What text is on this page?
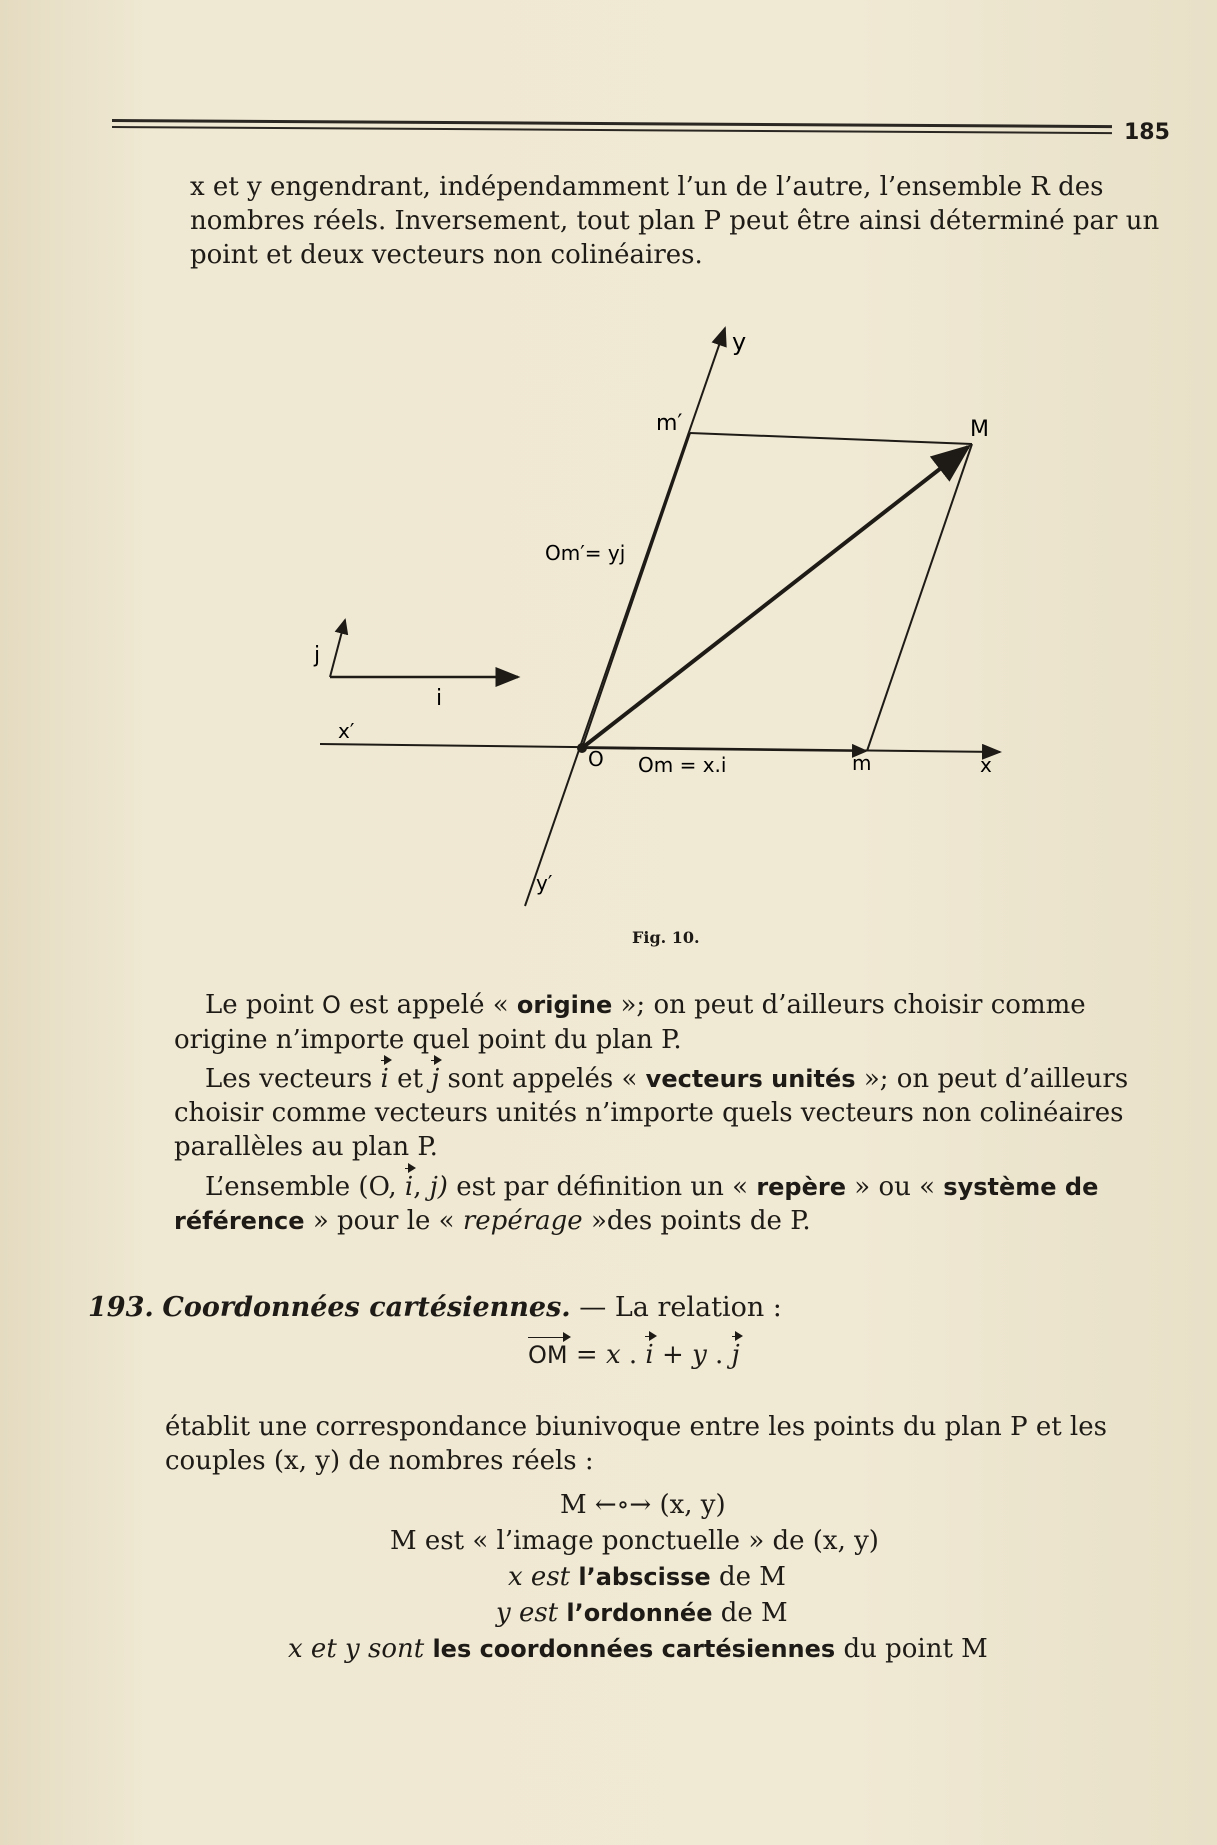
185
x et y engendrant, indépendamment l’un de l’autre, l’ensemble R des
nombres réels. Inversement, tout plan P peut être ainsi déterminé par un
point et deux vecteurs non colinéaires.
y
m′	M
Om′= yj
j
i
x′
O Om = x.i	m	x
y′
Fig. 10.
Le point O est appelé « origine »; on peut d’ailleurs choisir comme
origine n’importe quel point du plan P.
Les vecteurs i et j sont appelés « vecteurs unités »; on peut d’ailleurs
choisir comme vecteurs unités n’importe quels vecteurs non colinéaires
parallèles au plan P.
L’ensemble (O, i, j) est par définition un « repère » ou « système de
référence » pour le « repérage »des points de P.
193. Coordonnées cartésiennes. — La relation :
OM = x . i + y . j
établit une correspondance biunivoque entre les points du plan P et les
couples (x, y) de nombres réels :
M ←∘→ (x, y)
M est « l’image ponctuelle » de (x, y)
x est l’abscisse de M
y est l’ordonnée de M
x et y sont les coordonnées cartésiennes du point M
